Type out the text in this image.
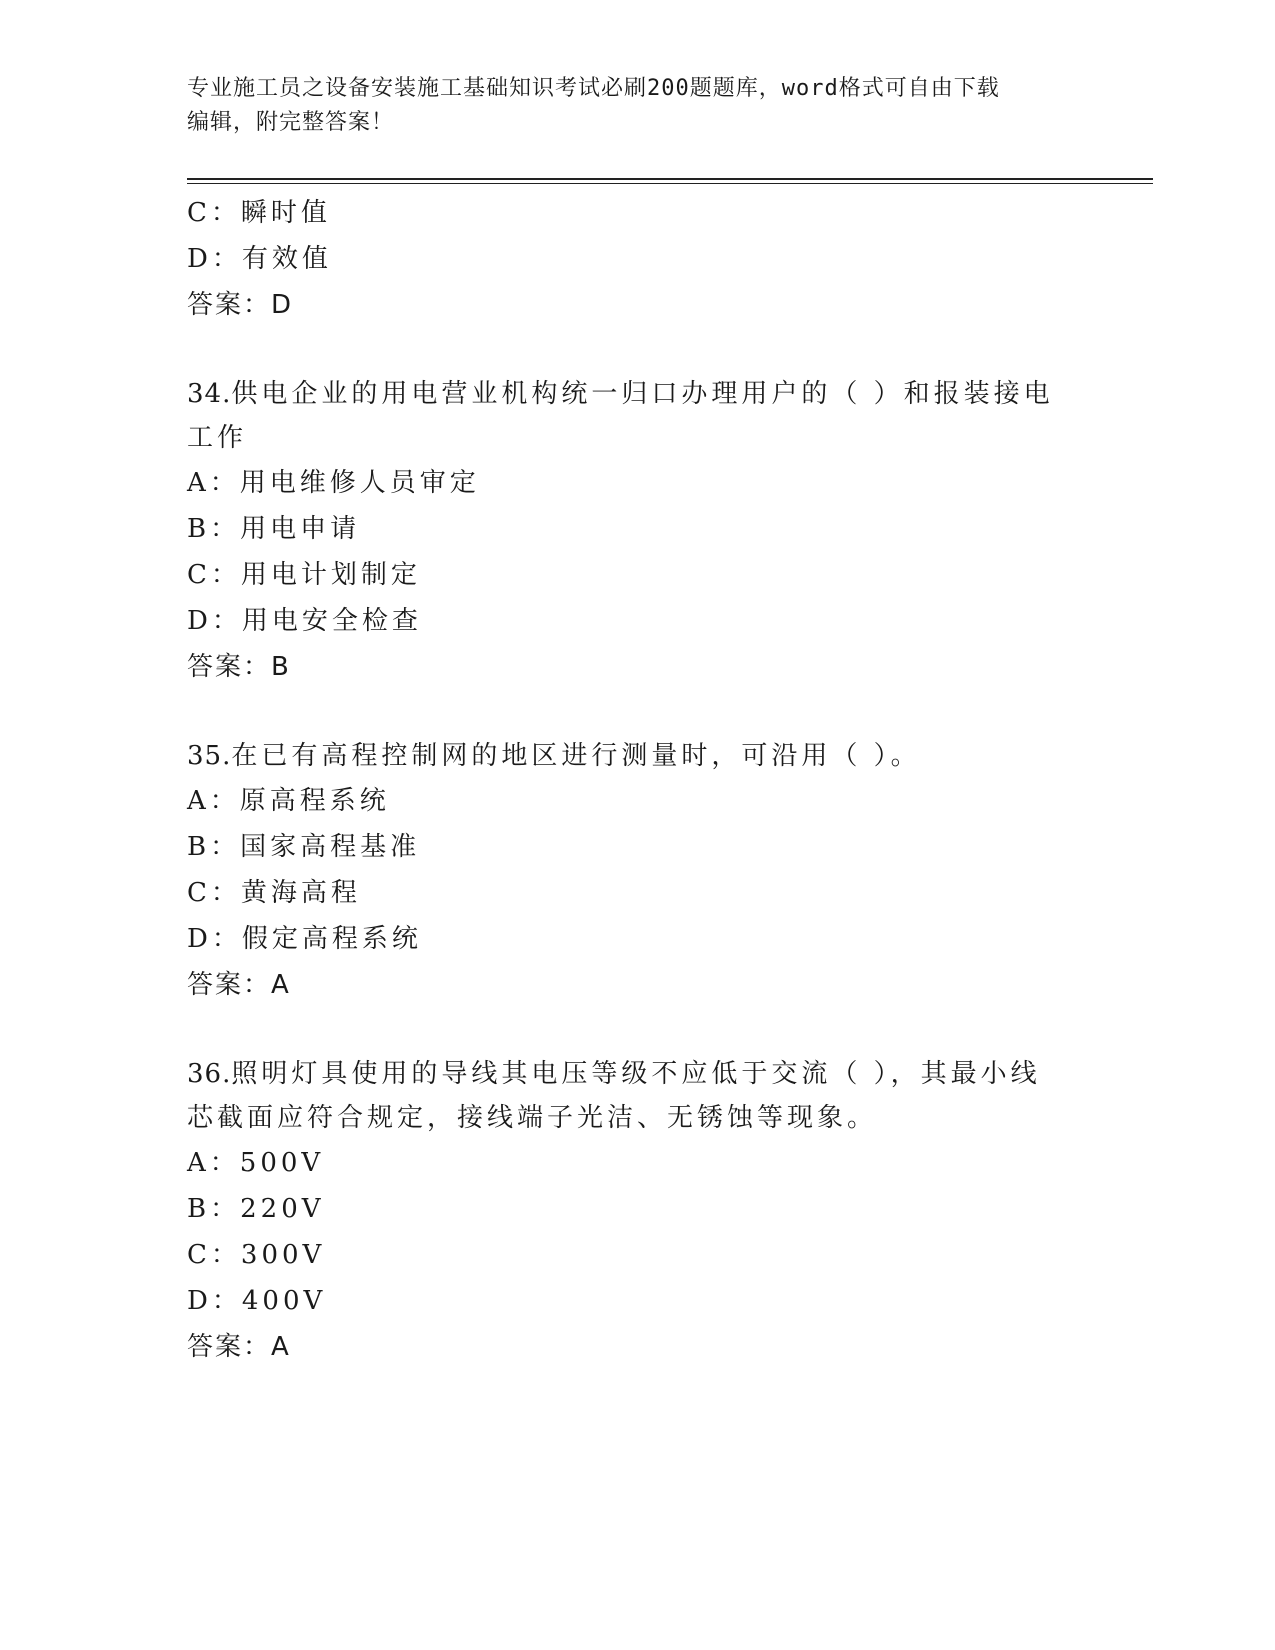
专业施工员之设备安装施工基础知识考试必刷200题题库，word格式可自由下载
编辑，附完整答案！
C：瞬时值
D：有效值
答案：D
34.供电企业的用电营业机构统一归口办理用户的（ ）和报装接电工作
A：用电维修人员审定
B：用电申请
C：用电计划制定
D：用电安全检查
答案：B
35.在已有高程控制网的地区进行测量时，可沿用（ ）。
A：原高程系统
B：国家高程基准
C：黄海高程
D：假定高程系统
答案：A
36.照明灯具使用的导线其电压等级不应低于交流（ ），其最小线芯截面应符合规定，接线端子光洁、无锈蚀等现象。
A：500V
B：220V
C：300V
D：400V
答案：A
